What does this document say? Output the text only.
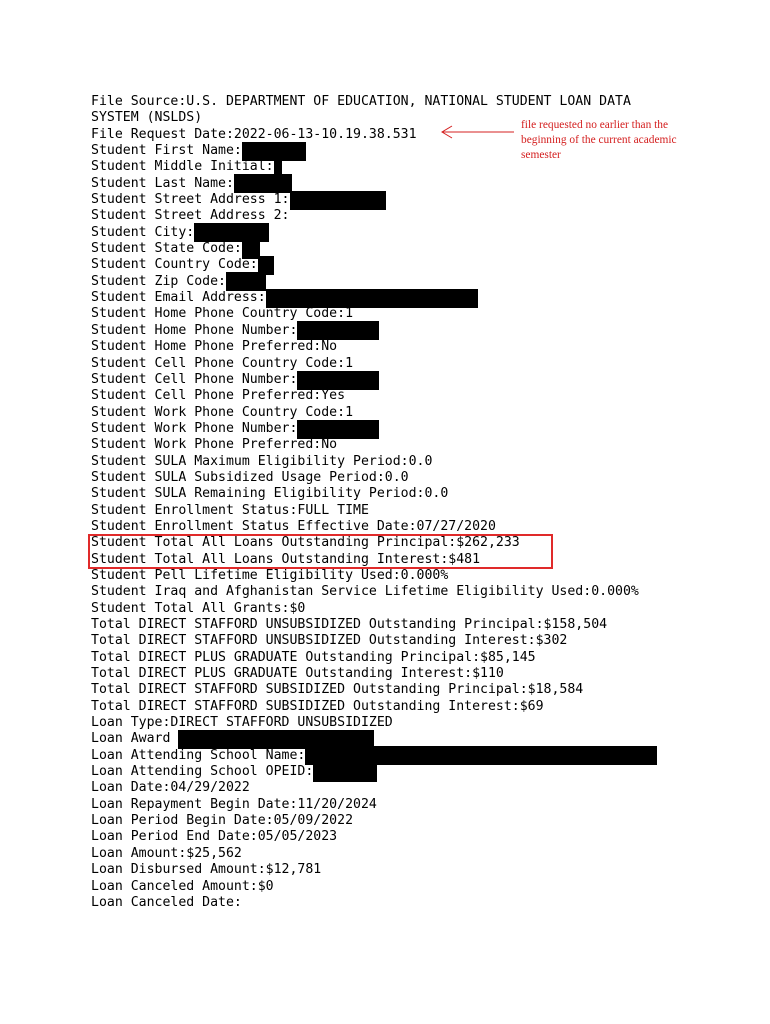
File Source:U.S. DEPARTMENT OF EDUCATION, NATIONAL STUDENT LOAN DATA
SYSTEM (NSLDS)
File Request Date:2022-06-13-10.19.38.531
Student First Name:
Student Middle Initial:
Student Last Name:
Student Street Address 1:
Student Street Address 2:
Student City:
Student State Code:
Student Country Code:
Student Zip Code:
Student Email Address:
Student Home Phone Country Code:1
Student Home Phone Number:
Student Home Phone Preferred:No
Student Cell Phone Country Code:1
Student Cell Phone Number:
Student Cell Phone Preferred:Yes
Student Work Phone Country Code:1
Student Work Phone Number:
Student Work Phone Preferred:No
Student SULA Maximum Eligibility Period:0.0
Student SULA Subsidized Usage Period:0.0
Student SULA Remaining Eligibility Period:0.0
Student Enrollment Status:FULL TIME
Student Enrollment Status Effective Date:07/27/2020
Student Total All Loans Outstanding Principal:$262,233
Student Total All Loans Outstanding Interest:$481
Student Pell Lifetime Eligibility Used:0.000%
Student Iraq and Afghanistan Service Lifetime Eligibility Used:0.000%
Student Total All Grants:$0
Total DIRECT STAFFORD UNSUBSIDIZED Outstanding Principal:$158,504
Total DIRECT STAFFORD UNSUBSIDIZED Outstanding Interest:$302
Total DIRECT PLUS GRADUATE Outstanding Principal:$85,145
Total DIRECT PLUS GRADUATE Outstanding Interest:$110
Total DIRECT STAFFORD SUBSIDIZED Outstanding Principal:$18,584
Total DIRECT STAFFORD SUBSIDIZED Outstanding Interest:$69
Loan Type:DIRECT STAFFORD UNSUBSIDIZED
Loan Award
Loan Attending School Name:
Loan Attending School OPEID:
Loan Date:04/29/2022
Loan Repayment Begin Date:11/20/2024
Loan Period Begin Date:05/09/2022
Loan Period End Date:05/05/2023
Loan Amount:$25,562
Loan Disbursed Amount:$12,781
Loan Canceled Amount:$0
Loan Canceled Date:
file requested no earlier than the beginning of the current academic semester
